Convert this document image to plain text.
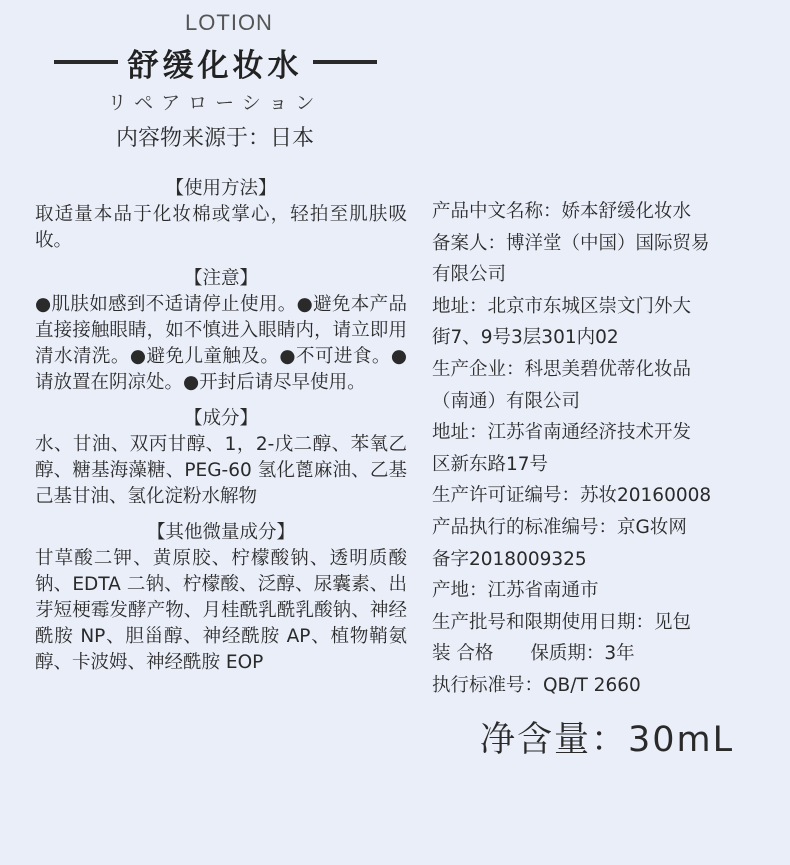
LOTION
舒缓化妆水
リペアローション
内容物来源于：日本
【使用方法】
取适量本品于化妆棉或掌心，轻拍至肌肤吸收。
【注意】
●肌肤如感到不适请停止使用。●避免本产品直接接触眼睛，如不慎进入眼睛内，请立即用清水清洗。●避免儿童触及。●不可进食。●请放置在阴凉处。●开封后请尽早使用。
【成分】
水、甘油、双丙甘醇、1，2-戊二醇、苯氧乙醇、糖基海藻糖、PEG-60 氢化蓖麻油、乙基己基甘油、氢化淀粉水解物
【其他微量成分】
甘草酸二钾、黄原胶、柠檬酸钠、透明质酸钠、EDTA 二钠、柠檬酸、泛醇、尿囊素、出芽短梗霉发酵产物、月桂酰乳酰乳酸钠、神经酰胺 NP、胆甾醇、神经酰胺 AP、植物鞘氨醇、卡波姆、神经酰胺 EOP
产品中文名称：娇本舒缓化妆水
备案人：博洋堂（中国）国际贸易
有限公司
地址：北京市东城区崇文门外大
街7、9号3层301内02
生产企业：科思美碧优蒂化妆品
（南通）有限公司
地址：江苏省南通经济技术开发
区新东路17号
生产许可证编号：苏妆20160008
产品执行的标准编号：京G妆网
备字2018009325
产地：江苏省南通市
生产批号和限期使用日期：见包
装 合格　　保质期：3年
执行标准号：QB/T 2660
净含量：30mL
